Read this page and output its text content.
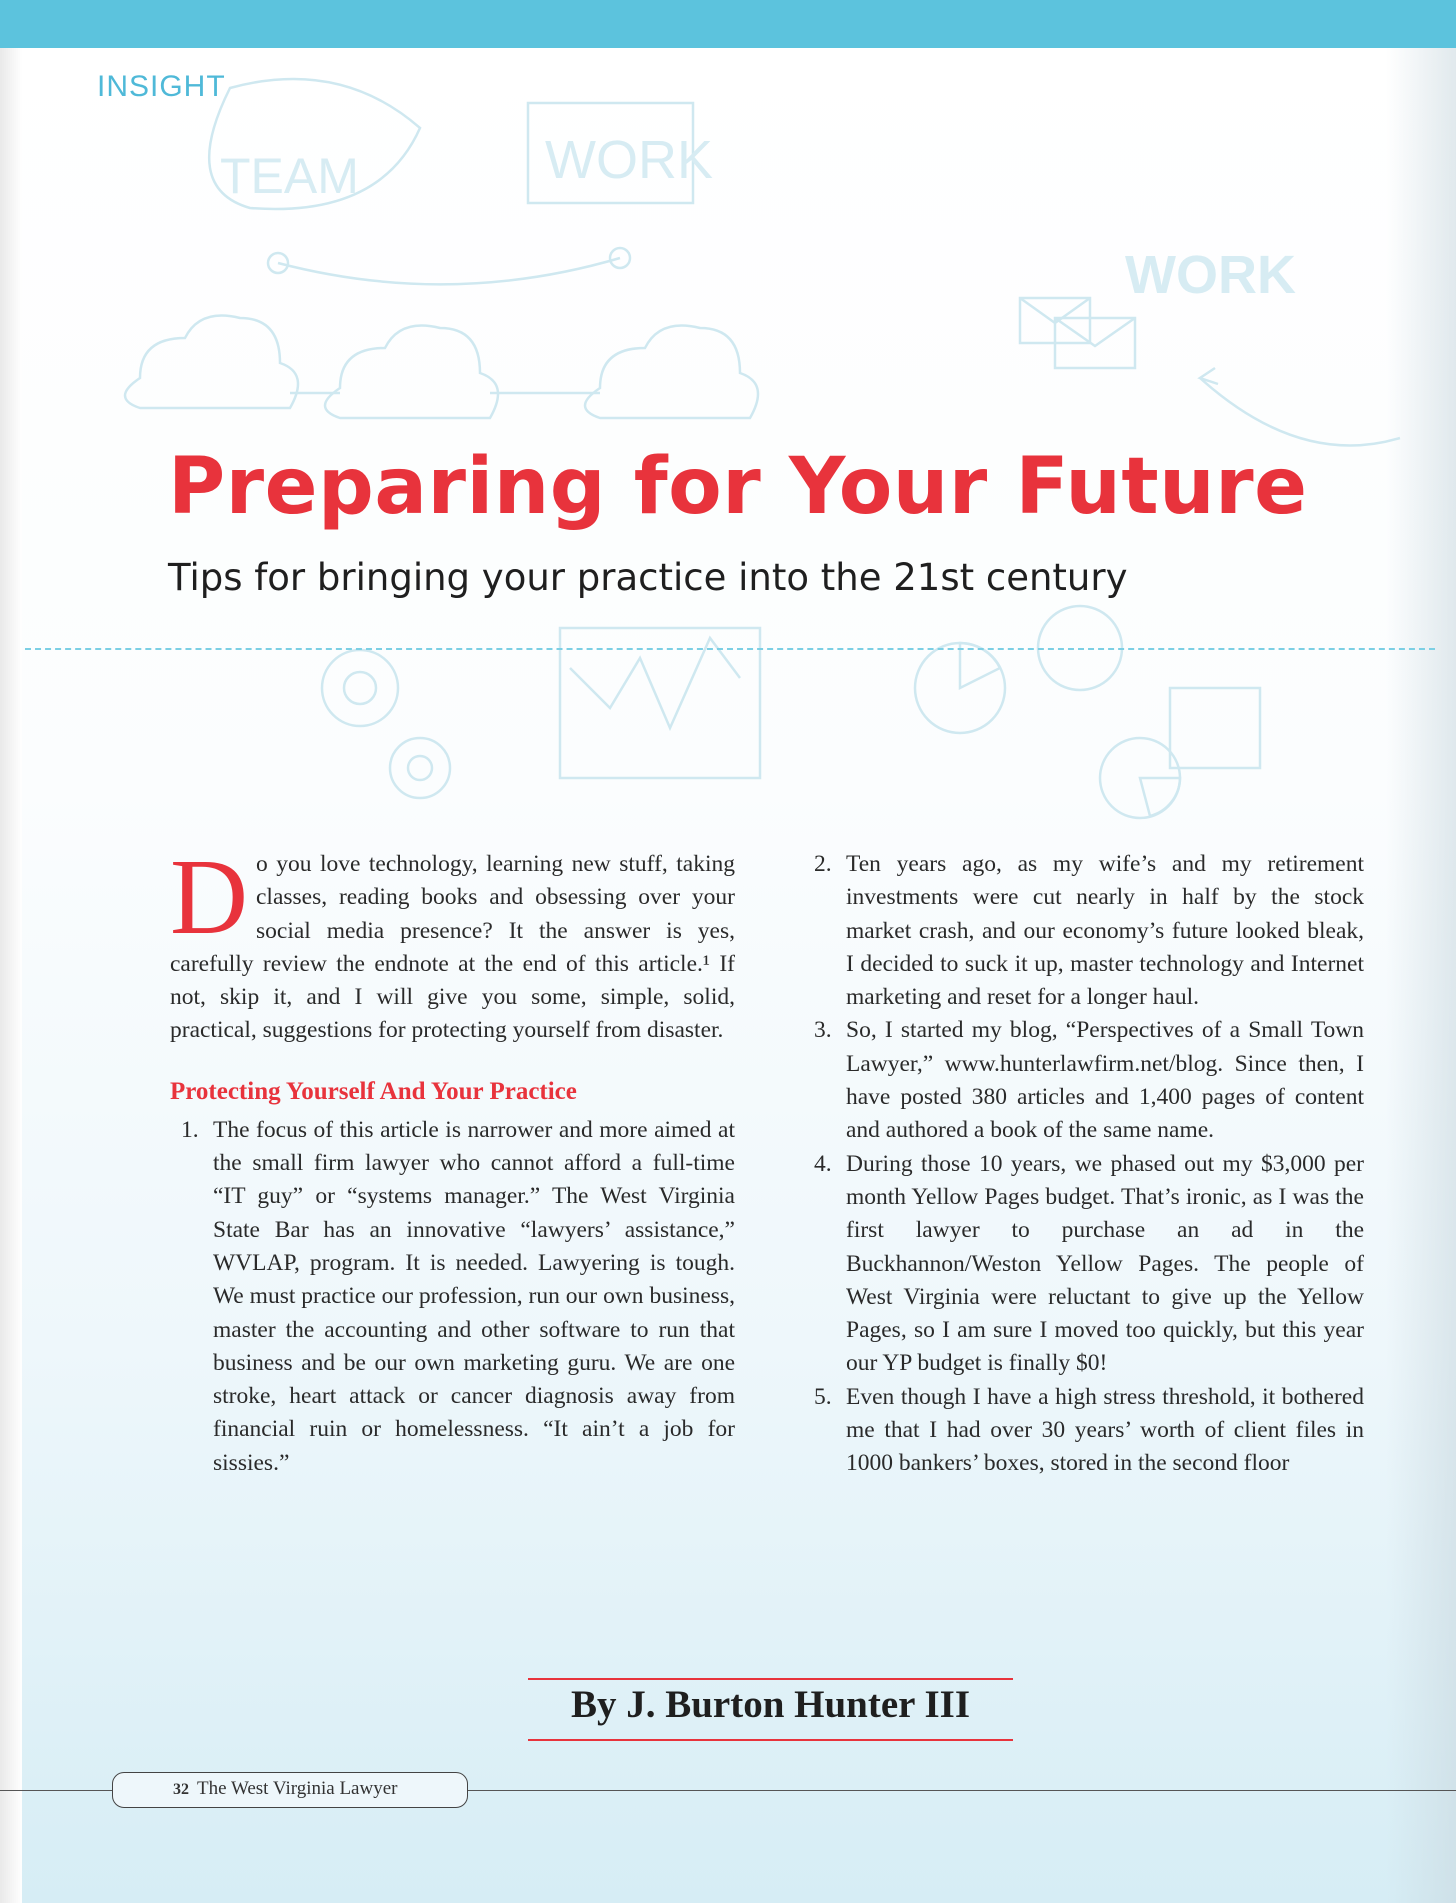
TEAM	WORK
WORK
INSIGHT
Preparing for Your Future
Tips for bringing your practice into the 21st century

Do you love technology, learning new stuff, taking classes, reading books and obsessing over your social media presence? It the answer is yes, carefully review the endnote at the end of this article.¹ If not, skip it, and I will give you some, simple, solid, practical, suggestions for protecting yourself from disaster.

Protecting Yourself And Your Practice
1. The focus of this article is narrower and more aimed at the small firm lawyer who cannot afford a full-time “IT guy” or “systems manager.” The West Virginia State Bar has an innovative “lawyers’ assistance,” WVLAP, program. It is needed. Lawyering is tough. We must practice our profession, run our own business, master the accounting and other software to run that business and be our own marketing guru. We are one stroke, heart attack or cancer diagnosis away from financial ruin or homelessness. “It ain’t a job for sissies.”
2. Ten years ago, as my wife’s and my retirement investments were cut nearly in half by the stock market crash, and our economy’s future looked bleak, I decided to suck it up, master technology and Internet marketing and reset for a longer haul.
3. So, I started my blog, “Perspectives of a Small Town Lawyer,” www.hunterlawfirm.net/blog. Since then, I have posted 380 articles and 1,400 pages of content and authored a book of the same name.
4. During those 10 years, we phased out my $3,000 per month Yellow Pages budget. That’s ironic, as I was the first lawyer to purchase an ad in the Buckhannon/Weston Yellow Pages. The people of West Virginia were reluctant to give up the Yellow Pages, so I am sure I moved too quickly, but this year our YP budget is finally $0!
5. Even though I have a high stress threshold, it bothered me that I had over 30 years’ worth of client files in 1000 bankers’ boxes, stored in the second floor
By J. Burton Hunter III
32 The West Virginia Lawyer
